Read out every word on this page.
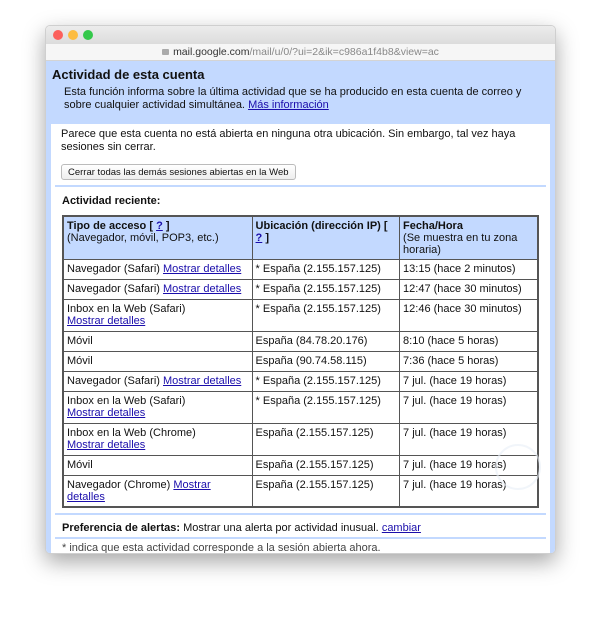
mail.google.com/mail/u/0/?ui=2&ik=c986a1f4b8&view=ac
Actividad de esta cuenta
Esta función informa sobre la última actividad que se ha producido en esta cuenta de correo y sobre cualquier actividad simultánea. Más información
Parece que esta cuenta no está abierta en ninguna otra ubicación. Sin embargo, tal vez haya sesiones sin cerrar.
Cerrar todas las demás sesiones abiertas en la Web
Actividad reciente:
Tipo de acceso [ ? ]
(Navegador, móvil, POP3, etc.)	Ubicación (dirección IP) [ ? ]	Fecha/Hora
(Se muestra en tu zona horaria)
Navegador (Safari) Mostrar detalles	* España (2.155.157.125)	13:15 (hace 2 minutos)
Navegador (Safari) Mostrar detalles	* España (2.155.157.125)	12:47 (hace 30 minutos)
Inbox en la Web (Safari)
Mostrar detalles	* España (2.155.157.125)	12:46 (hace 30 minutos)
Móvil	España (84.78.20.176)	8:10 (hace 5 horas)
Móvil	España (90.74.58.115)	7:36 (hace 5 horas)
Navegador (Safari) Mostrar detalles	* España (2.155.157.125)	7 jul. (hace 19 horas)
Inbox en la Web (Safari)
Mostrar detalles	* España (2.155.157.125)	7 jul. (hace 19 horas)
Inbox en la Web (Chrome)
Mostrar detalles	España (2.155.157.125)	7 jul. (hace 19 horas)
Móvil	España (2.155.157.125)	7 jul. (hace 19 horas)
Navegador (Chrome) Mostrar detalles	España (2.155.157.125)	7 jul. (hace 19 horas)
Preferencia de alertas: Mostrar una alerta por actividad inusual. cambiar
* indica que esta actividad corresponde a la sesión abierta ahora.
